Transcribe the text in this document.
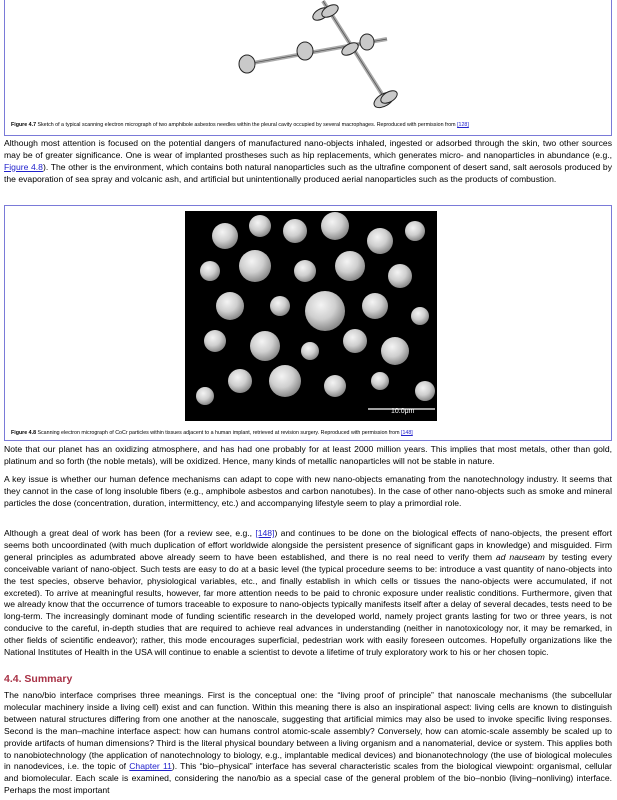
Figure 4.7 Sketch of a typical scanning electron micrograph of two amphibole asbestos needles within the pleural cavity occupied by several macrophages. Reproduced with permission from [128]

Although most attention is focused on the potential dangers of manufactured nano-objects inhaled, ingested or adsorbed through the skin, two other sources may be of greater significance. One is wear of implanted prostheses such as hip replacements, which generates micro- and nanoparticles in abundance (e.g., Figure 4.8). The other is the environment, which contains both natural nanoparticles such as the ultrafine component of desert sand, salt aerosols produced by the evaporation of sea spray and volcanic ash, and artificial but unintentionally produced aerial nanoparticles such as the products of combustion.

10.0μm
Figure 4.8 Scanning electron micrograph of CoCr particles within tissues adjacent to a human implant, retrieved at revision surgery. Reproduced with permission from [148]

Note that our planet has an oxidizing atmosphere, and has had one probably for at least 2000 million years. This implies that most metals, other than gold, platinum and so forth (the noble metals), will be oxidized. Hence, many kinds of metallic nanoparticles will not be stable in nature.

A key issue is whether our human defence mechanisms can adapt to cope with new nano-objects emanating from the nanotechnology industry. It seems that they cannot in the case of long insoluble fibers (e.g., amphibole asbestos and carbon nanotubes). In the case of other nano-objects such as smoke and mineral particles the dose (concentration, duration, intermittency, etc.) and accompanying lifestyle seem to play a primordial role.

Although a great deal of work has been (for a review see, e.g., [148]) and continues to be done on the biological effects of nano-objects, the present effort seems both uncoordinated (with much duplication of effort worldwide alongside the persistent presence of significant gaps in knowledge) and misguided. Firm general principles as adumbrated above already seem to have been established, and there is no real need to verify them ad nauseam by testing every conceivable variant of nano-object. Such tests are easy to do at a basic level (the typical procedure seems to be: introduce a vast quantity of nano-objects into the test species, observe behavior, physiological variables, etc., and finally establish in which cells or tissues the nano-objects were accumulated, if not excreted). To arrive at meaningful results, however, far more attention needs to be paid to chronic exposure under realistic conditions. Furthermore, given that we already know that the occurrence of tumors traceable to exposure to nano-objects typically manifests itself after a delay of several decades, tests need to be long-term. The increasingly dominant mode of funding scientific research in the developed world, namely project grants lasting for two or three years, is not conducive to the careful, in-depth studies that are required to achieve real advances in understanding (neither in nanotoxicology nor, it may be remarked, in other fields of scientific endeavor); rather, this mode encourages superficial, pedestrian work with easily foreseen outcomes. Hopefully organizations like the National Institutes of Health in the USA will continue to enable a scientist to devote a lifetime of truly exploratory work to his or her chosen topic.

4.4. Summary

The nano/bio interface comprises three meanings. First is the conceptual one: the “living proof of principle” that nanoscale mechanisms (the subcellular molecular machinery inside a living cell) exist and can function. Within this meaning there is also an inspirational aspect: living cells are known to distinguish between natural structures differing from one another at the nanoscale, suggesting that artificial mimics may also be used to invoke specific living responses. Second is the man–machine interface aspect: how can humans control atomic-scale assembly? Conversely, how can atomic-scale assembly be scaled up to provide artifacts of human dimensions? Third is the literal physical boundary between a living organism and a nanomaterial, device or system. This applies both to nanobiotechnology (the application of nanotechnology to biology, e.g., implantable medical devices) and bionanotechnology (the use of biological molecules in nanodevices, i.e. the topic of Chapter 11). This “bio–physical” interface has several characteristic scales from the biological viewpoint: organismal, cellular and biomolecular. Each scale is examined, considering the nano/bio as a special case of the general problem of the bio–nonbio (living–nonliving) interface. Perhaps the most important
